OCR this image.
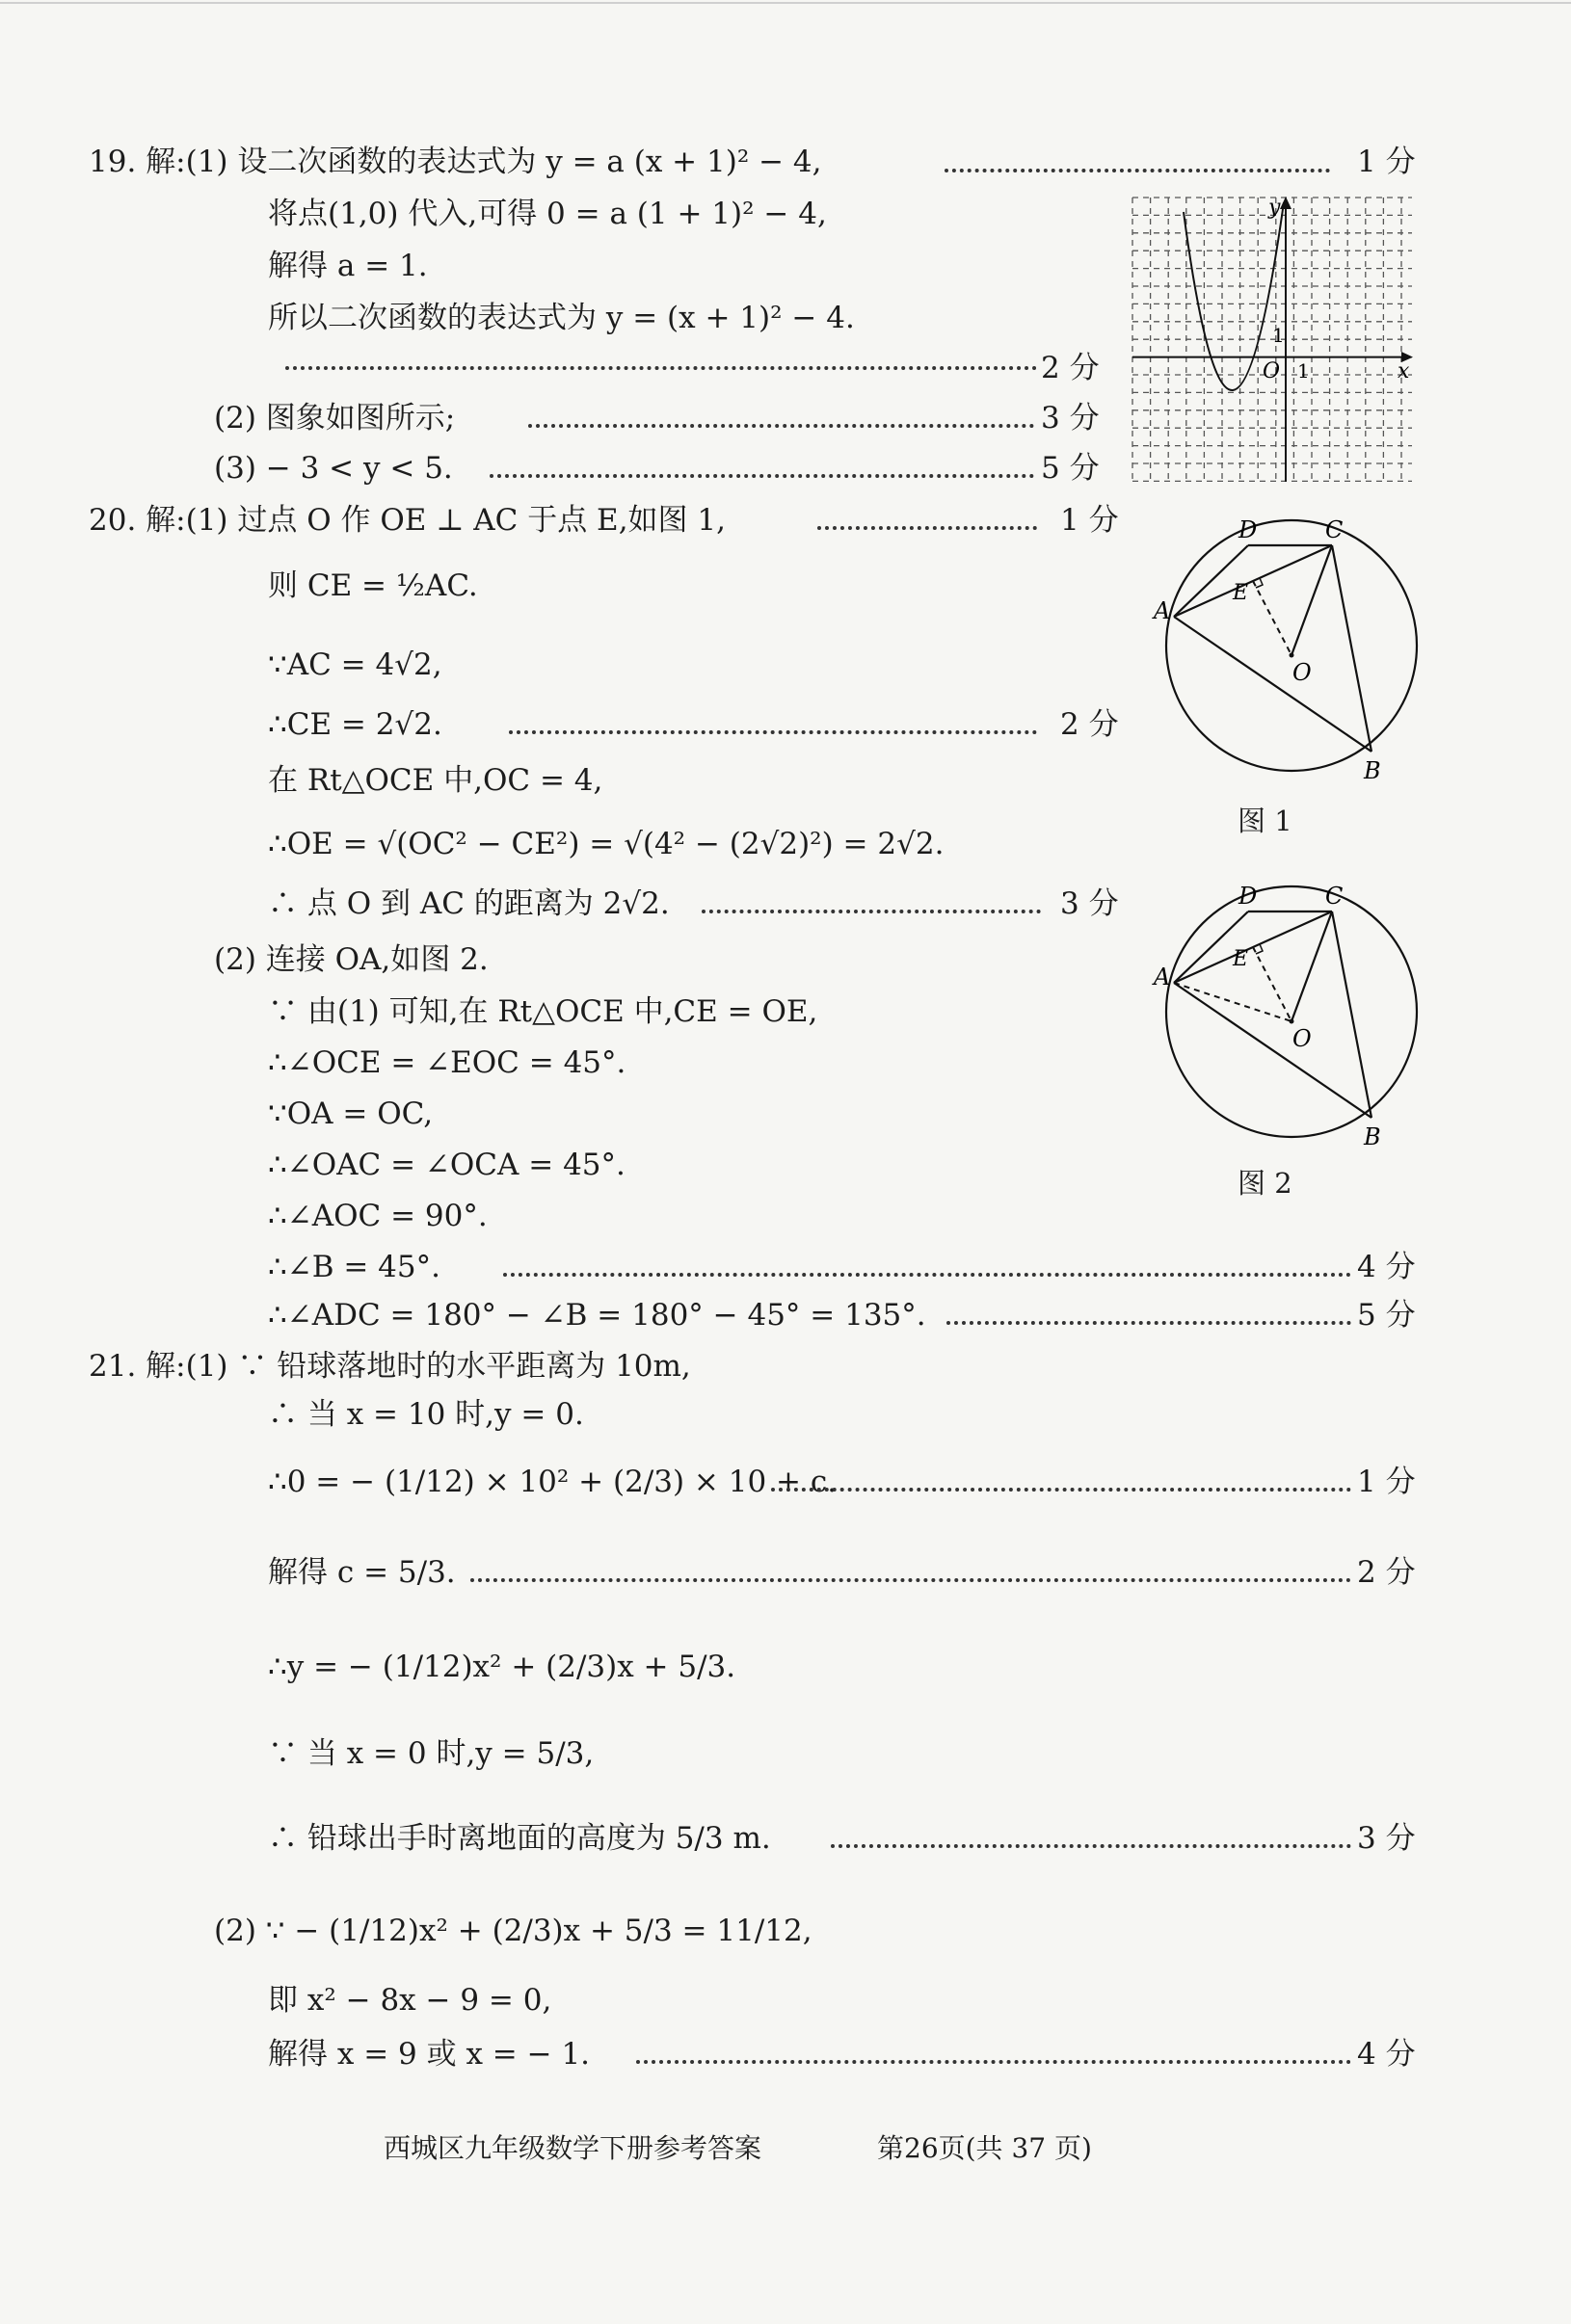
19. 解:(1) 设二次函数的表达式为 y = a (x + 1)² − 4,	1 分
将点(1,0) 代入,可得 0 = a (1 + 1)² − 4,
解得 a = 1.
所以二次函数的表达式为 y = (x + 1)² − 4.
2 分
(2) 图象如图所示;	3 分
(3) − 3 < y < 5.	5 分
x
y
O 1
1
20. 解:(1) 过点 O 作 OE ⊥ AC 于点 E,如图 1,	1 分
则 CE = ½AC.
∵AC = 4√2,
∴CE = 2√2.	2 分
在 Rt△OCE 中,OC = 4,
∴OE = √(OC² − CE²) = √(4² − (2√2)²) = 2√2.
∴ 点 O 到 AC 的距离为 2√2.	3 分
(2) 连接 OA,如图 2.
∵ 由(1) 可知,在 Rt△OCE 中,CE = OE,
∴∠OCE = ∠EOC = 45°.
∵OA = OC,
∴∠OAC = ∠OCA = 45°.
∴∠AOC = 90°.
∴∠B = 45°.	4 分
∴∠ADC = 180° − ∠B = 180° − 45° = 135°.	5 分
A
D	C
E
O
B
图 1
A
D	C
E
O
B
图 2
21. 解:(1) ∵ 铅球落地时的水平距离为 10m,
∴ 当 x = 10 时,y = 0.
∴0 = − (1/12) × 10² + (2/3) × 10 + c.	1 分
解得 c = 5/3.	2 分
∴y = − (1/12)x² + (2/3)x + 5/3.
∵ 当 x = 0 时,y = 5/3,
∴ 铅球出手时离地面的高度为 5/3 m.	3 分
(2) ∵ − (1/12)x² + (2/3)x + 5/3 = 11/12,
即 x² − 8x − 9 = 0,
解得 x = 9 或 x = − 1.	4 分
西城区九年级数学下册参考答案	第26页(共 37 页)
